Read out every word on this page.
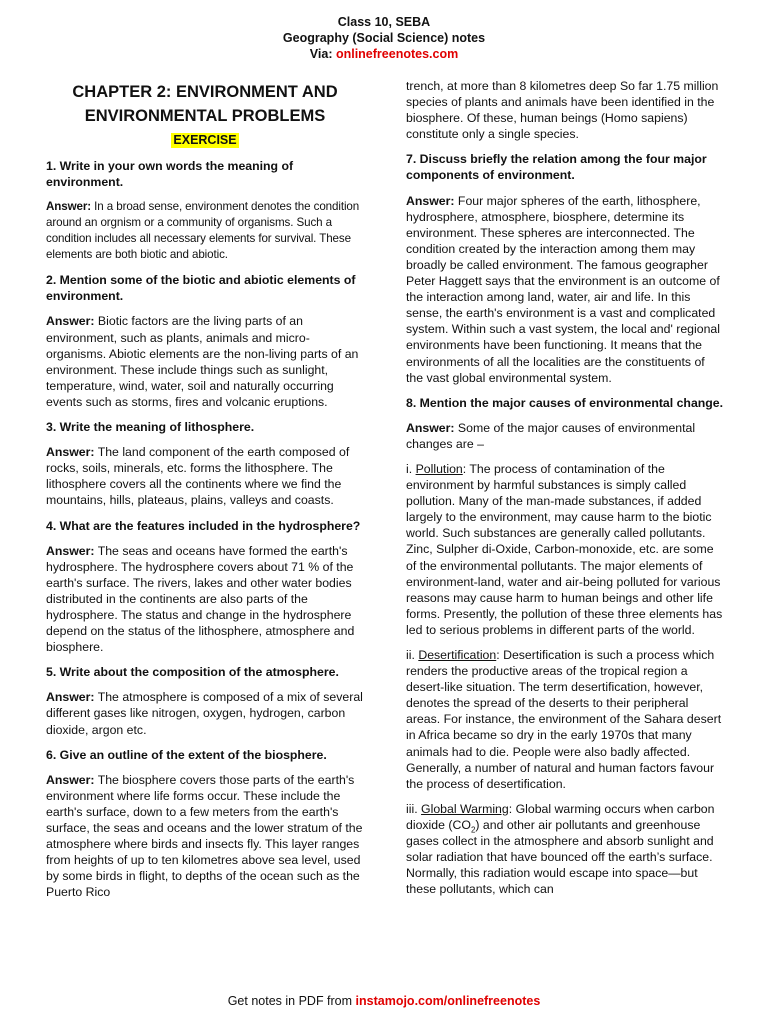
Class 10, SEBA
Geography (Social Science) notes
Via: onlinefreenotes.com
CHAPTER 2: ENVIRONMENT AND ENVIRONMENTAL PROBLEMS
EXERCISE
1. Write in your own words the meaning of environment.
Answer: In a broad sense, environment denotes the condition around an orgnism or a community of organisms. Such a condition includes all necessary elements for survival. These elements are both biotic and abiotic.
2. Mention some of the biotic and abiotic elements of environment.
Answer: Biotic factors are the living parts of an environment, such as plants, animals and micro-organisms. Abiotic elements are the non-living parts of an environment. These include things such as sunlight, temperature, wind, water, soil and naturally occurring events such as storms, fires and volcanic eruptions.
3. Write the meaning of lithosphere.
Answer: The land component of the earth composed of rocks, soils, minerals, etc. forms the lithosphere. The lithosphere covers all the continents where we find the mountains, hills, plateaus, plains, valleys and coasts.
4. What are the features included in the hydrosphere?
Answer: The seas and oceans have formed the earth's hydrosphere. The hydrosphere covers about 71 % of the earth's surface. The rivers, lakes and other water bodies distributed in the continents are also parts of the hydrosphere. The status and change in the hydrosphere depend on the status of the lithosphere, atmosphere and biosphere.
5. Write about the composition of the atmosphere.
Answer: The atmosphere is composed of a mix of several different gases like nitrogen, oxygen, hydrogen, carbon dioxide, argon etc.
6. Give an outline of the extent of the biosphere.
Answer: The biosphere covers those parts of the earth's environment where life forms occur. These include the earth's surface, down to a few meters from the earth's surface, the seas and oceans and the lower stratum of the atmosphere where birds and insects fly. This layer ranges from heights of up to ten kilometres above sea level, used by some birds in flight, to depths of the ocean such as the Puerto Rico
trench, at more than 8 kilometres deep So far 1.75 million species of plants and animals have been identified in the biosphere. Of these, human beings (Homo sapiens) constitute only a single species.
7. Discuss briefly the relation among the four major components of environment.
Answer: Four major spheres of the earth, lithosphere, hydrosphere, atmosphere, biosphere, determine its environment. These spheres are interconnected. The condition created by the interaction among them may broadly be called environment. The famous geographer Peter Haggett says that the environment is an outcome of the interaction among land, water, air and life. In this sense, the earth's environment is a vast and complicated system. Within such a vast system, the local and' regional environments have been functioning. It means that the environments of all the localities are the constituents of the vast global environmental system.
8. Mention the major causes of environmental change.
Answer: Some of the major causes of environmental changes are –
i. Pollution: The process of contamination of the environment by harmful substances is simply called pollution. Many of the man-made substances, if added largely to the environment, may cause harm to the biotic world. Such substances are generally called pollutants. Zinc, Sulpher di-Oxide, Carbon-monoxide, etc. are some of the environmental pollutants. The major elements of environment-land, water and air-being polluted for various reasons may cause harm to human beings and other life forms. Presently, the pollution of these three elements has led to serious problems in different parts of the world.
ii. Desertification: Desertification is such a process which renders the productive areas of the tropical region a desert-like situation. The term desertification, however, denotes the spread of the deserts to their peripheral areas. For instance, the environment of the Sahara desert in Africa became so dry in the early 1970s that many animals had to die. People were also badly affected. Generally, a number of natural and human factors favour the process of desertification.
iii. Global Warming: Global warming occurs when carbon dioxide $(CO_2)$ and other air pollutants and greenhouse gases collect in the atmosphere and absorb sunlight and solar radiation that have bounced off the earth’s surface. Normally, this radiation would escape into space—but these pollutants, which can
Get notes in PDF from instamojo.com/onlinefreenotes
